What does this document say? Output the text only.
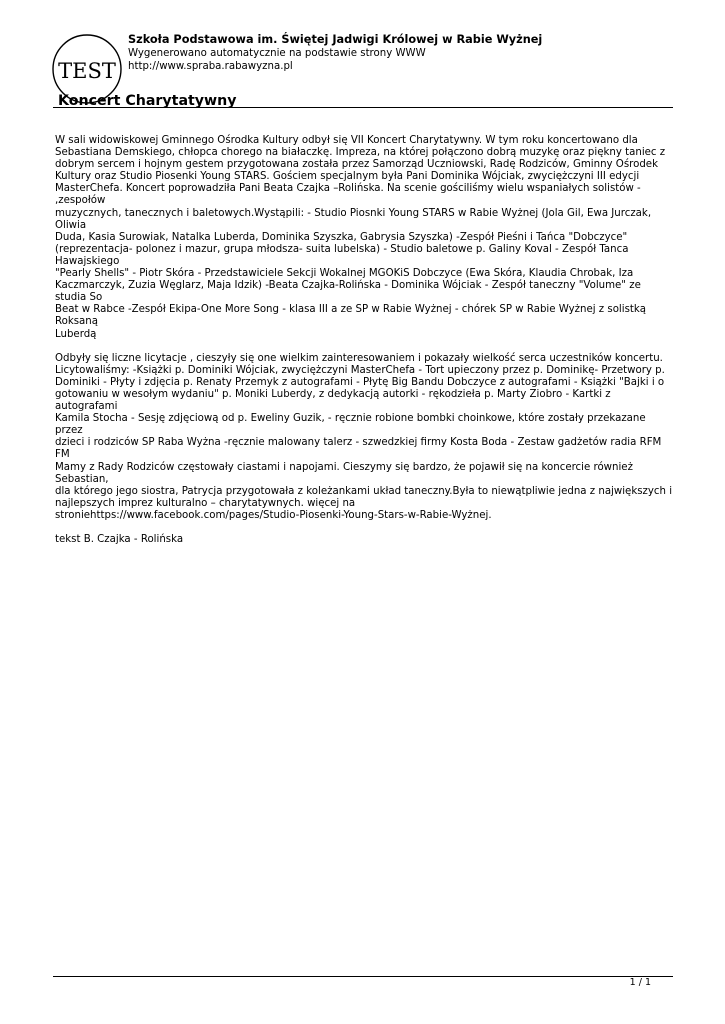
TEST
Szkoła Podstawowa im. Świętej Jadwigi Królowej w Rabie Wyżnej
Wygenerowano automatycznie na podstawie strony WWW
http://www.spraba.rabawyzna.pl
Koncert Charytatywny
W sali widowiskowej Gminnego Ośrodka Kultury odbył się VII Koncert Charytatywny. W tym roku koncertowano dla
Sebastiana Demskiego, chłopca chorego na białaczkę. Impreza, na której połączono dobrą muzykę oraz piękny taniec z
dobrym sercem i hojnym gestem przygotowana została przez Samorząd Uczniowski, Radę Rodziców, Gminny Ośrodek
Kultury oraz Studio Piosenki Young STARS. Gościem specjalnym była Pani Dominika Wójciak, zwyciężczyni III edycji
MasterChefa. Koncert poprowadziła Pani Beata Czajka –Rolińska. Na scenie gościliśmy wielu wspaniałych solistów - ,zespołów
muzycznych, tanecznych i baletowych.Wystąpili: - Studio Piosnki Young STARS w Rabie Wyżnej (Jola Gil, Ewa Jurczak, Oliwia
Duda, Kasia Surowiak, Natalka Luberda, Dominika Szyszka, Gabrysia Szyszka) -Zespół Pieśni i Tańca "Dobczyce"
(reprezentacja- polonez i mazur, grupa młodsza- suita lubelska) - Studio baletowe p. Galiny Koval - Zespół Tanca Hawajskiego
"Pearly Shells" - Piotr Skóra - Przedstawiciele Sekcji Wokalnej MGOKiS Dobczyce (Ewa Skóra, Klaudia Chrobak, Iza
Kaczmarczyk, Zuzia Węglarz, Maja Idzik) -Beata Czajka-Rolińska - Dominika Wójciak - Zespół taneczny "Volume" ze studia So
Beat w Rabce -Zespół Ekipa-One More Song - klasa III a ze SP w Rabie Wyżnej - chórek SP w Rabie Wyżnej z solistką Roksaną
Luberdą
Odbyły się liczne licytacje , cieszyły się one wielkim zainteresowaniem i pokazały wielkość serca uczestników koncertu.
Licytowaliśmy: -Książki p. Dominiki Wójciak, zwyciężczyni MasterChefa - Tort upieczony przez p. Dominikę- Przetwory p.
Dominiki - Płyty i zdjęcia p. Renaty Przemyk z autografami - Płytę Big Bandu Dobczyce z autografami - Książki "Bajki i o
gotowaniu w wesołym wydaniu" p. Moniki Luberdy, z dedykacją autorki - rękodzieła p. Marty Ziobro - Kartki z autografami
Kamila Stocha - Sesję zdjęciową od p. Eweliny Guzik, - ręcznie robione bombki choinkowe, które zostały przekazane przez
dzieci i rodziców SP Raba Wyżna -ręcznie malowany talerz - szwedzkiej firmy Kosta Boda - Zestaw gadżetów radia RFM FM
Mamy z Rady Rodziców częstowały ciastami i napojami. Cieszymy się bardzo, że pojawił się na koncercie również Sebastian,
dla którego jego siostra, Patrycja przygotowała z koleżankami układ taneczny.Była to niewątpliwie jedna z największych i
najlepszych imprez kulturalno – charytatywnych. więcej na
stroniehttps://www.facebook.com/pages/Studio-Piosenki-Young-Stars-w-Rabie-Wyżnej.
tekst B. Czajka - Rolińska
1 / 1
